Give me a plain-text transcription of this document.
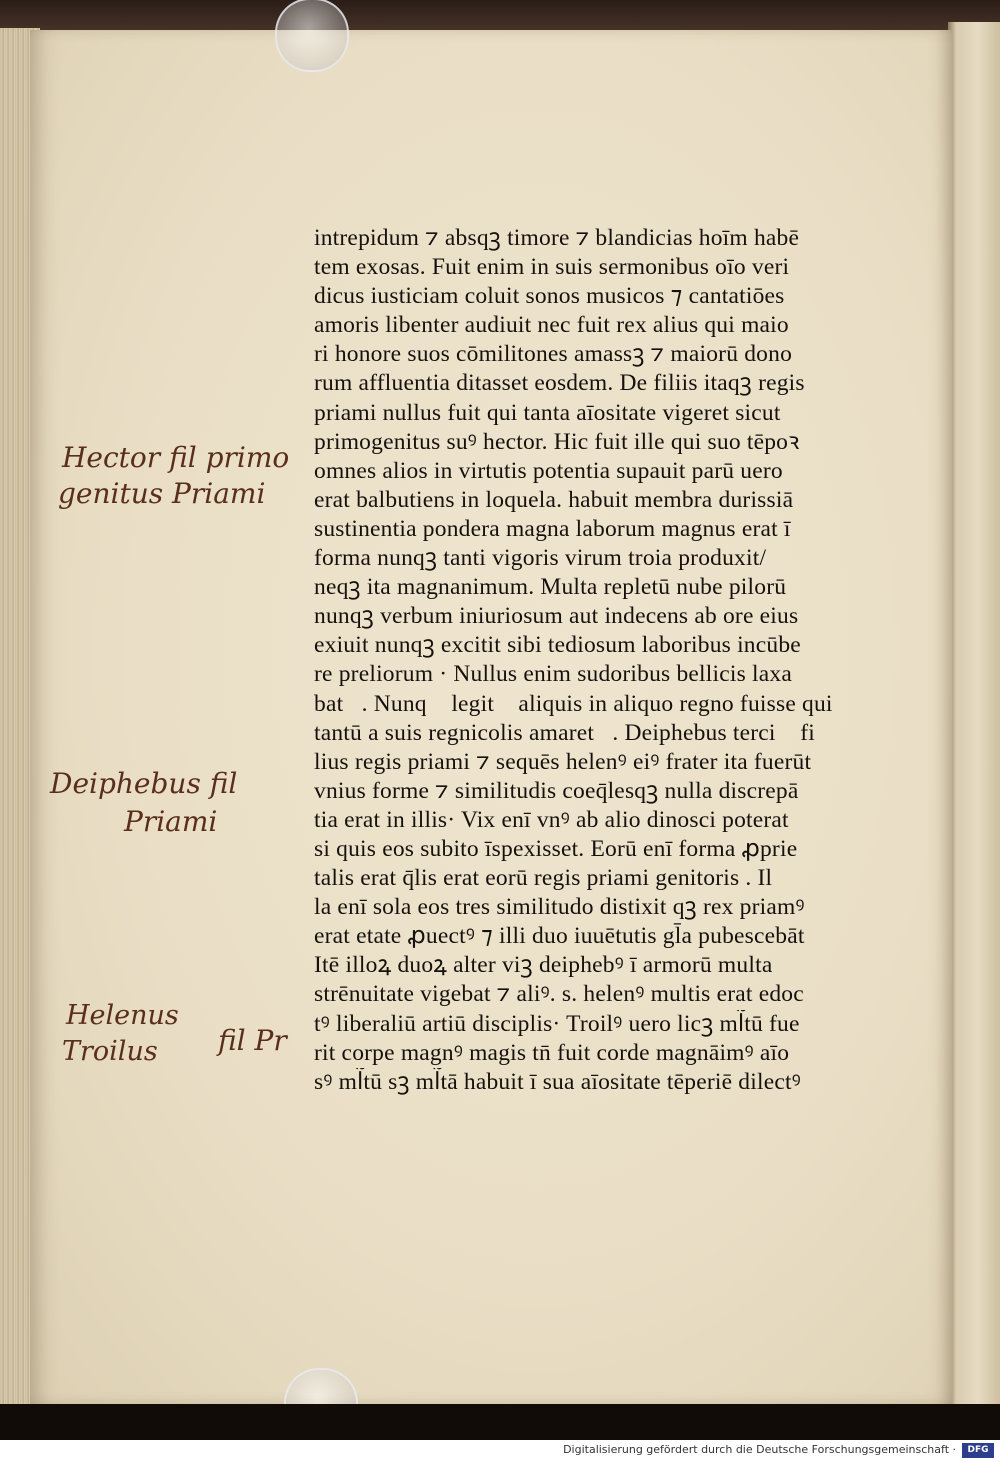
intrepidum ⁊ absqꝫ timore ⁊ blandicias hoīm habē
tem exosas. Fuit enim in suis sermonibus oīo veri
dicus iusticiam coluit sonos musicos ⁊ cantatiōes
amoris libenter audiuit nec fuit rex alius qui maio
ri honore suos cōmilitones amassꝫ ⁊ maiorū dono
rum affluentia ditasset eosdem. De filiis itaqꝫ regis
priami nullus fuit qui tanta aīositate vigeret sicut
primogenitus suꝰ hector. Hic fuit ille qui suo tēpoꝛ
omnes alios in virtutis potentia supauit parū uero
erat balbutiens in loquela. habuit membra durissiā
sustinentia pondera magna laborum magnus erat ī
forma nunqꝫ tanti vigoris virum troia produxit/
neqꝫ ita magnanimum. Multa repletū nube pilorū
nunqꝫ verbum iniuriosum aut indecens ab ore eius
exiuit nunqꝫ excitit sibi tediosum laboribus incūbe
re preliorum · Nullus enim sudoribus bellicis laxa
bat᷑. Nunqꝫ legit᷑ aliquis in aliquo regno fuisse qui
tantū a suis regnicolis amaret᷑. Deiphebus terciꝰ fi
lius regis priami ⁊ sequēs helenꝰ eiꝰ frater ita fuerūt
vnius forme ⁊ similitudis coeq̄lesqꝫ nulla discrepā
tia erat in illis· Vix enī vnꝰ ab alio dinosci poterat
si quis eos subito īspexisset. Eorū enī forma ꝓprie
talis erat q̄lis erat eorū regis priami genitoris . Il
la enī sola eos tres similitudo distixit qꝫ rex priamꝰ
erat etate ꝓuectꝰ ⁊ illi duo iuuētutis gl̄a pubescebāt
Itē illoꝝ duoꝝ alter viꝫ deiphebꝰ ī armorū multa
strēnuitate vigebat ⁊ aliꝰ. s. helenꝰ multis erat edoc
tꝰ liberaliū artiū disciplis· Troilꝰ uero licꝫ ml᷑tū fue
rit corpe magnꝰ magis tn̄ fuit corde magnāimꝰ aīo
sꝰ ml᷑tū sꝫ ml᷑tā habuit ī sua aīositate tēperiē dilectꝰ
Hector fil primo
genitus Priami
Deiphebus fil
Priami
Helenus
Troilus	fil Pr
Digitalisierung gefördert durch die Deutsche Forschungsgemeinschaft ·	DFG
